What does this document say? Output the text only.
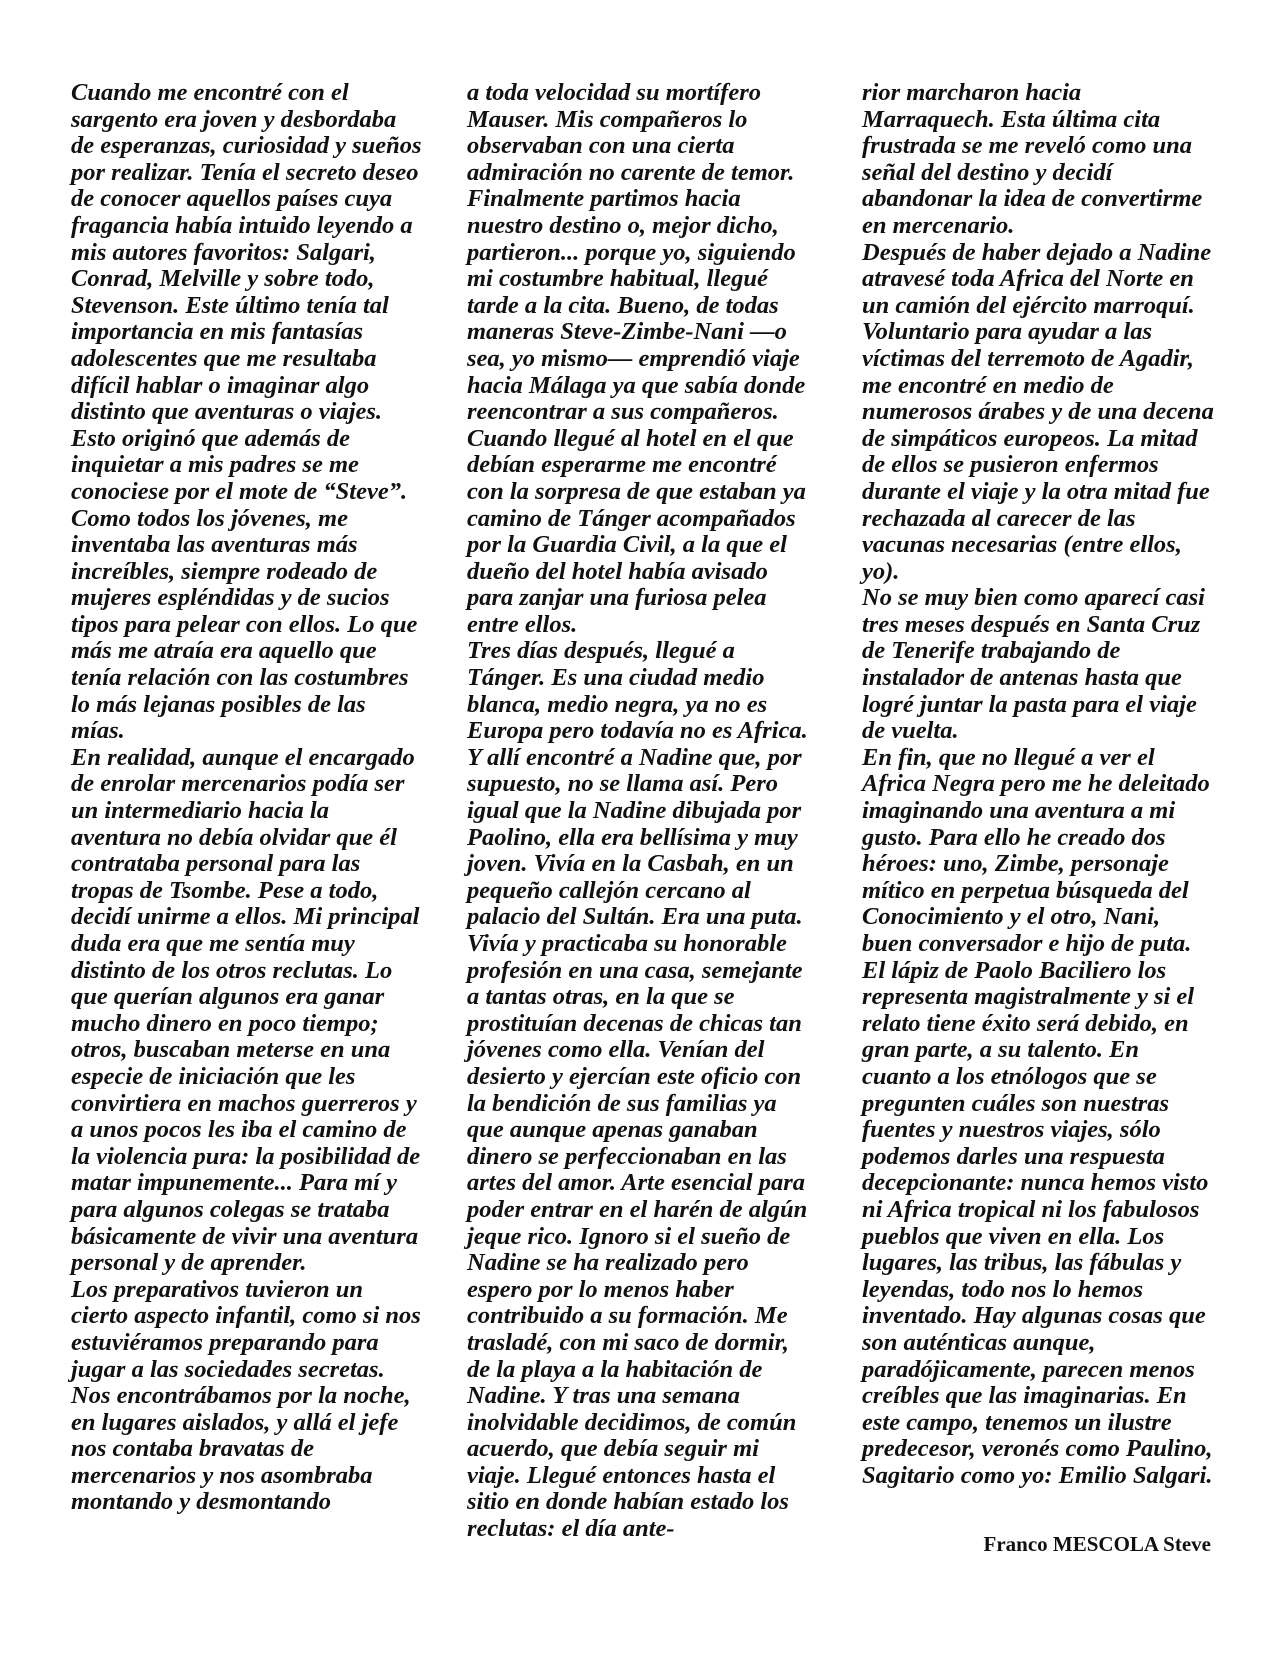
Cuando me encontré con el sargento era joven y desbordaba de esperanzas, curiosidad y sueños por realizar. Tenía el secreto deseo de conocer aquellos países cuya fragancia había intuido leyendo a mis autores favoritos: Salgari, Conrad, Melville y sobre todo, Stevenson. Este último tenía tal importancia en mis fantasías adolescentes que me resultaba difícil hablar o imaginar algo distinto que aventuras o viajes. Esto originó que además de inquietar a mis padres se me conociese por el mote de “Steve”. Como todos los jóvenes, me inventaba las aventuras más increíbles, siempre rodeado de mujeres espléndidas y de sucios tipos para pelear con ellos. Lo que más me atraía era aquello que tenía relación con las costumbres lo más lejanas posibles de las mías.

En realidad, aunque el encargado de enrolar mercenarios podía ser un intermediario hacia la aventura no debía olvidar que él contrataba personal para las tropas de Tsombe. Pese a todo, decidí unirme a ellos. Mi principal duda era que me sentía muy distinto de los otros reclutas. Lo que querían algunos era ganar mucho dinero en poco tiempo; otros, buscaban meterse en una especie de iniciación que les convirtiera en machos guerreros y a unos pocos les iba el camino de la violencia pura: la posibilidad de matar impunemente... Para mí y para algunos colegas se trataba básicamente de vivir una aventura personal y de aprender.

Los preparativos tuvieron un cierto aspecto infantil, como si nos estuviéramos preparando para jugar a las sociedades secretas. Nos encontrábamos por la noche, en lugares aislados, y allá el jefe nos contaba bravatas de mercenarios y nos asombraba montando y desmontando

a toda velocidad su mortífero Mauser. Mis compañeros lo observaban con una cierta admiración no carente de temor.

Finalmente partimos hacia nuestro destino o, mejor dicho, partieron... porque yo, siguiendo mi costumbre habitual, llegué tarde a la cita. Bueno, de todas maneras Steve-Zimbe-Nani —o sea, yo mismo— emprendió viaje hacia Málaga ya que sabía donde reencontrar a sus compañeros. Cuando llegué al hotel en el que debían esperarme me encontré con la sorpresa de que estaban ya camino de Tánger acompañados por la Guardia Civil, a la que el dueño del hotel había avisado para zanjar una furiosa pelea entre ellos.

Tres días después, llegué a Tánger. Es una ciudad medio blanca, medio negra, ya no es Europa pero todavía no es Africa. Y allí encontré a Nadine que, por supuesto, no se llama así. Pero igual que la Nadine dibujada por Paolino, ella era bellísima y muy joven. Vivía en la Casbah, en un pequeño callejón cercano al palacio del Sultán. Era una puta. Vivía y practicaba su honorable profesión en una casa, semejante a tantas otras, en la que se prostituían decenas de chicas tan jóvenes como ella. Venían del desierto y ejercían este oficio con la bendición de sus familias ya que aunque apenas ganaban dinero se perfeccionaban en las artes del amor. Arte esencial para poder entrar en el harén de algún jeque rico. Ignoro si el sueño de Nadine se ha realizado pero espero por lo menos haber contribuido a su formación. Me trasladé, con mi saco de dormir, de la playa a la habitación de Nadine. Y tras una semana inolvidable decidimos, de común acuerdo, que debía seguir mi viaje. Llegué entonces hasta el sitio en donde habían estado los reclutas: el día ante-

rior marcharon hacia Marraquech. Esta última cita frustrada se me reveló como una señal del destino y decidí abandonar la idea de convertirme en mercenario.

Después de haber dejado a Nadine atravesé toda Africa del Norte en un camión del ejército marroquí. Voluntario para ayudar a las víctimas del terremoto de Agadir, me encontré en medio de numerosos árabes y de una decena de simpáticos europeos. La mitad de ellos se pusieron enfermos durante el viaje y la otra mitad fue rechazada al carecer de las vacunas necesarias (entre ellos, yo).

No se muy bien como aparecí casi tres meses después en Santa Cruz de Tenerife trabajando de instalador de antenas hasta que logré juntar la pasta para el viaje de vuelta.

En fin, que no llegué a ver el Africa Negra pero me he deleitado imaginando una aventura a mi gusto. Para ello he creado dos héroes: uno, Zimbe, personaje mítico en perpetua búsqueda del Conocimiento y el otro, Nani, buen conversador e hijo de puta. El lápiz de Paolo Baciliero los representa magistralmente y si el relato tiene éxito será debido, en gran parte, a su talento. En cuanto a los etnólogos que se pregunten cuáles son nuestras fuentes y nuestros viajes, sólo podemos darles una respuesta decepcionante: nunca hemos visto ni Africa tropical ni los fabulosos pueblos que viven en ella. Los lugares, las tribus, las fábulas y leyendas, todo nos lo hemos inventado. Hay algunas cosas que son auténticas aunque, paradójicamente, parecen menos creíbles que las imaginarias. En este campo, tenemos un ilustre predecesor, veronés como Paulino, Sagitario como yo: Emilio Salgari.

Franco MESCOLA Steve
